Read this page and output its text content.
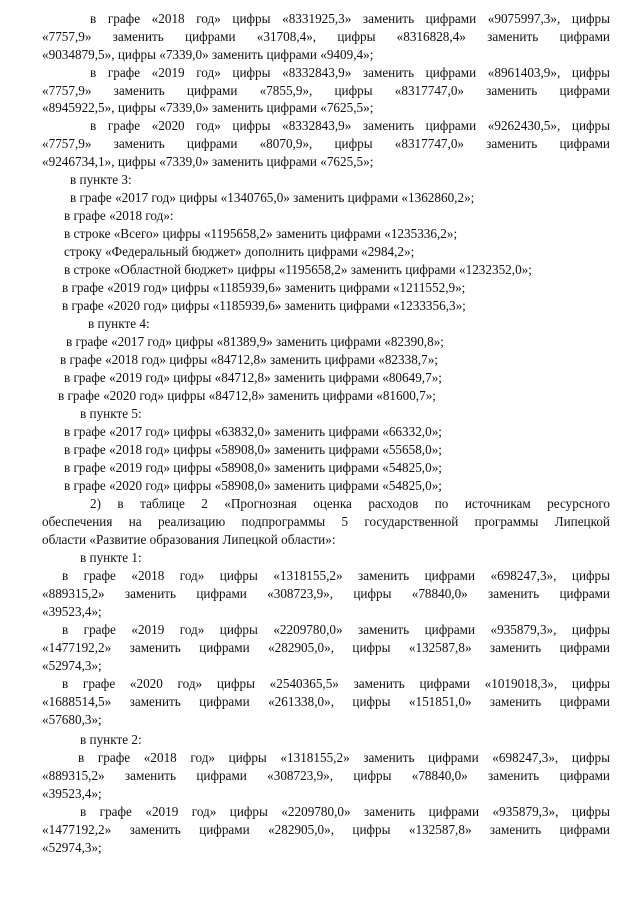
в графе «2018 год» цифры «8331925,3» заменить цифрами «9075997,3», цифры
«7757,9» заменить цифрами «31708,4», цифры «8316828,4» заменить цифрами
«9034879,5», цифры «7339,0» заменить цифрами «9409,4»;
в графе «2019 год» цифры «8332843,9» заменить цифрами «8961403,9», цифры
«7757,9» заменить цифрами «7855,9», цифры «8317747,0» заменить цифрами
«8945922,5», цифры «7339,0» заменить цифрами «7625,5»;
в графе «2020 год» цифры «8332843,9» заменить цифрами «9262430,5», цифры
«7757,9» заменить цифрами «8070,9», цифры «8317747,0» заменить цифрами
«9246734,1», цифры «7339,0» заменить цифрами «7625,5»;
в пункте 3:
в графе «2017 год» цифры «1340765,0» заменить цифрами «1362860,2»;
в графе «2018 год»:
в строке «Всего» цифры «1195658,2» заменить цифрами «1235336,2»;
строку «Федеральный бюджет» дополнить цифрами «2984,2»;
в строке «Областной бюджет» цифры «1195658,2» заменить цифрами «1232352,0»;
в графе «2019 год» цифры «1185939,6» заменить цифрами «1211552,9»;
в графе «2020 год» цифры «1185939,6» заменить цифрами «1233356,3»;
в пункте 4:
в графе «2017 год» цифры «81389,9» заменить цифрами «82390,8»;
в графе «2018 год» цифры «84712,8» заменить цифрами «82338,7»;
в графе «2019 год» цифры «84712,8» заменить цифрами «80649,7»;
в графе «2020 год» цифры «84712,8» заменить цифрами «81600,7»;
в пункте 5:
в графе «2017 год» цифры «63832,0» заменить цифрами «66332,0»;
в графе «2018 год» цифры «58908,0» заменить цифрами «55658,0»;
в графе «2019 год» цифры «58908,0» заменить цифрами «54825,0»;
в графе «2020 год» цифры «58908,0» заменить цифрами «54825,0»;
2) в таблице 2 «Прогнозная оценка расходов по источникам ресурсного
обеспечения на реализацию подпрограммы 5 государственной программы Липецкой
области «Развитие образования Липецкой области»:
в пункте 1:
в графе «2018 год» цифры «1318155,2» заменить цифрами «698247,3», цифры
«889315,2» заменить цифрами «308723,9», цифры «78840,0» заменить цифрами
«39523,4»;
в графе «2019 год» цифры «2209780,0» заменить цифрами «935879,3», цифры
«1477192,2» заменить цифрами «282905,0», цифры «132587,8» заменить цифрами
«52974,3»;
в графе «2020 год» цифры «2540365,5» заменить цифрами «1019018,3», цифры
«1688514,5» заменить цифрами «261338,0», цифры «151851,0» заменить цифрами
«57680,3»;
в пункте 2:
в графе «2018 год» цифры «1318155,2» заменить цифрами «698247,3», цифры
«889315,2» заменить цифрами «308723,9», цифры «78840,0» заменить цифрами
«39523,4»;
в графе «2019 год» цифры «2209780,0» заменить цифрами «935879,3», цифры
«1477192,2» заменить цифрами «282905,0», цифры «132587,8» заменить цифрами
«52974,3»;
